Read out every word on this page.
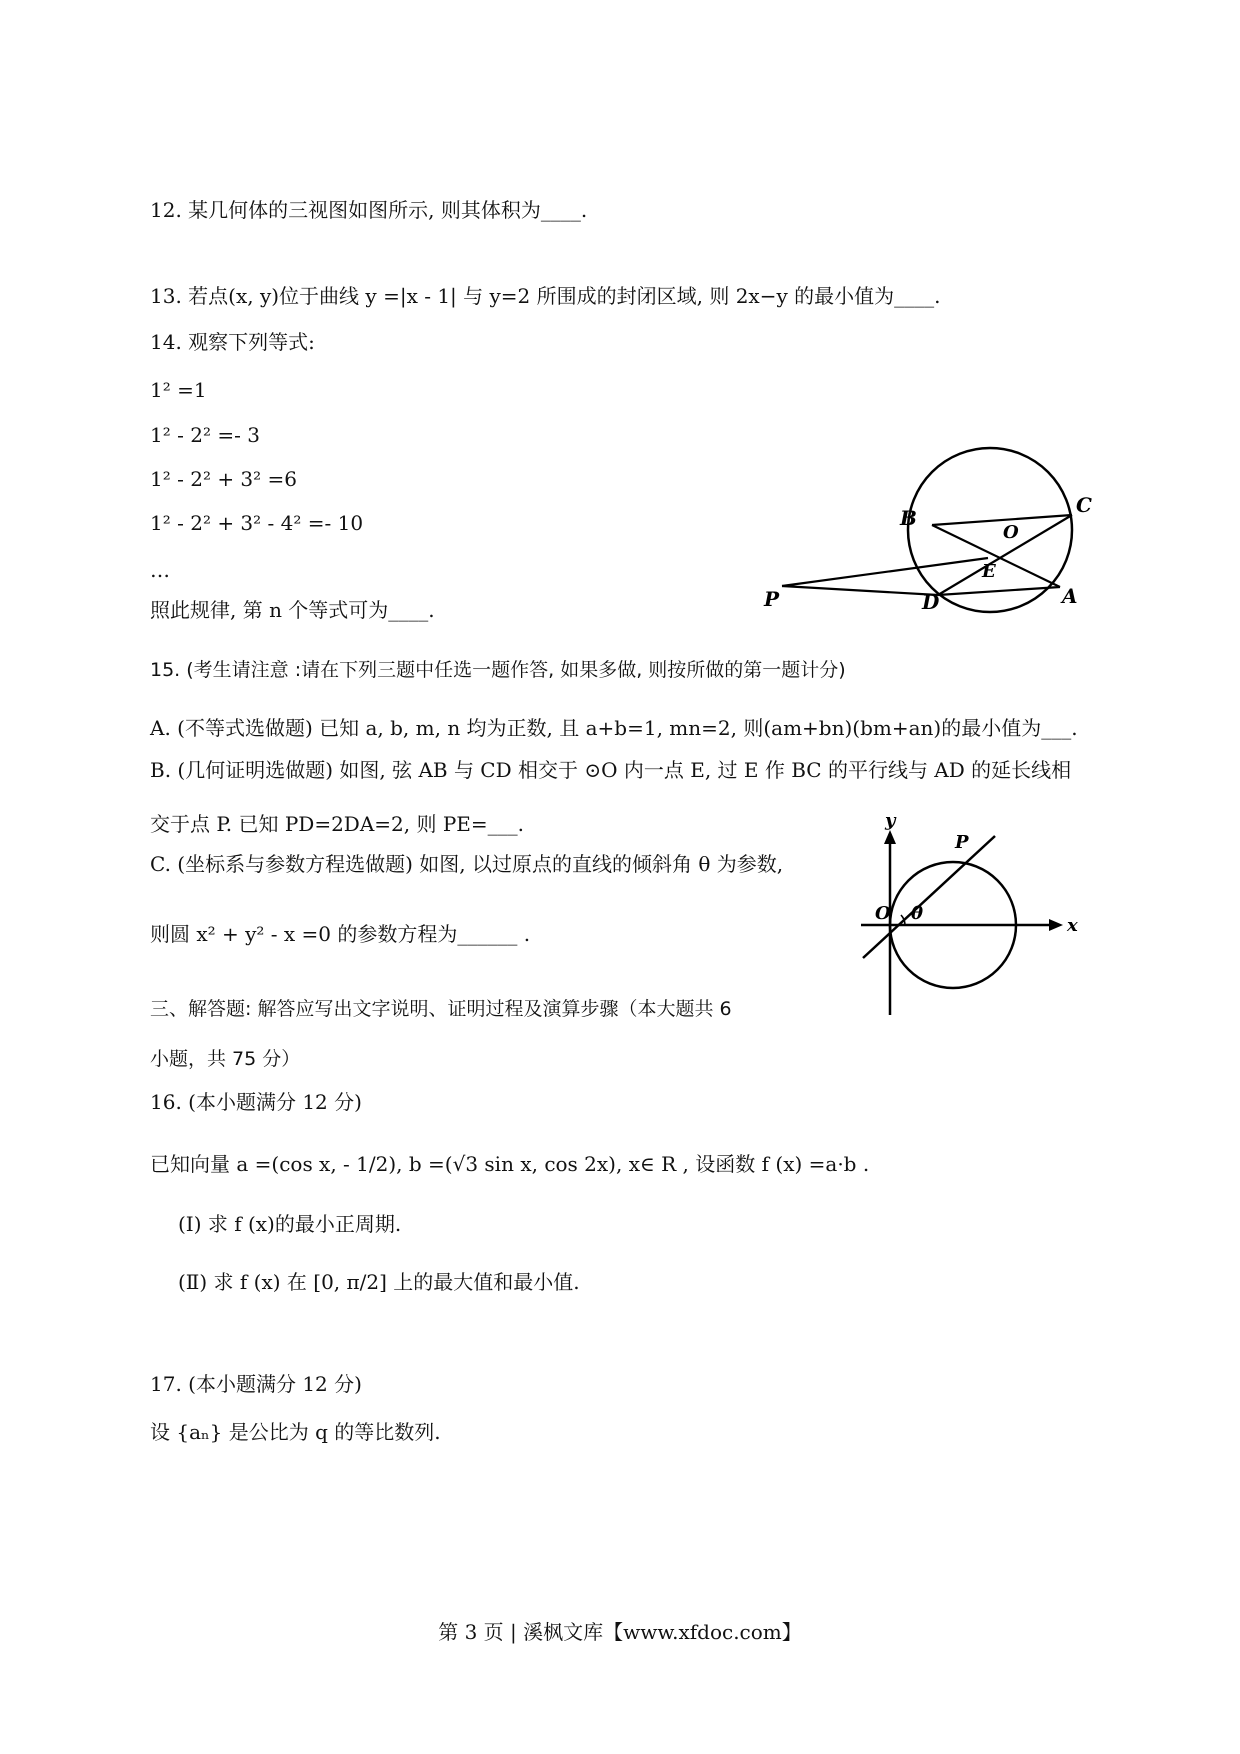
12. 某几何体的三视图如图所示, 则其体积为____.
13. 若点(x, y)位于曲线 y =|x - 1| 与 y=2 所围成的封闭区域, 则 2x−y 的最小值为____.
14. 观察下列等式:
1² =1
1² - 2² =- 3
1² - 2² + 3² =6
1² - 2² + 3² - 4² =- 10
…
照此规律, 第 n 个等式可为____.
15. (考生请注意 :请在下列三题中任选一题作答, 如果多做, 则按所做的第一题计分)
A. (不等式选做题) 已知 a, b, m, n 均为正数, 且 a+b=1, mn=2, 则(am+bn)(bm+an)的最小值为___.
B. (几何证明选做题) 如图, 弦 AB 与 CD 相交于 ⊙O 内一点 E, 过 E 作 BC 的平行线与 AD 的延长线相
交于点 P. 已知 PD=2DA=2, 则 PE=___.
C. (坐标系与参数方程选做题) 如图, 以过原点的直线的倾斜角 θ 为参数,
则圆 x² + y² - x =0 的参数方程为______ .
三、解答题: 解答应写出文字说明、证明过程及演算步骤（本大题共 6
小题，共 75 分）
16. (本小题满分 12 分)
已知向量 a =(cos x, - 1/2), b =(√3 sin x, cos 2x), x∈ R , 设函数 f (x) =a·b .
(Ⅰ) 求 f (x)的最小正周期.
(Ⅱ) 求 f (x) 在 [0, π/2] 上的最大值和最小值.
17. (本小题满分 12 分)
设 {aₙ} 是公比为 q 的等比数列.
B
C
O
E
P	D	A
y
P
O θ
x
第 3 页 | 溪枫文库【www.xfdoc.com】
